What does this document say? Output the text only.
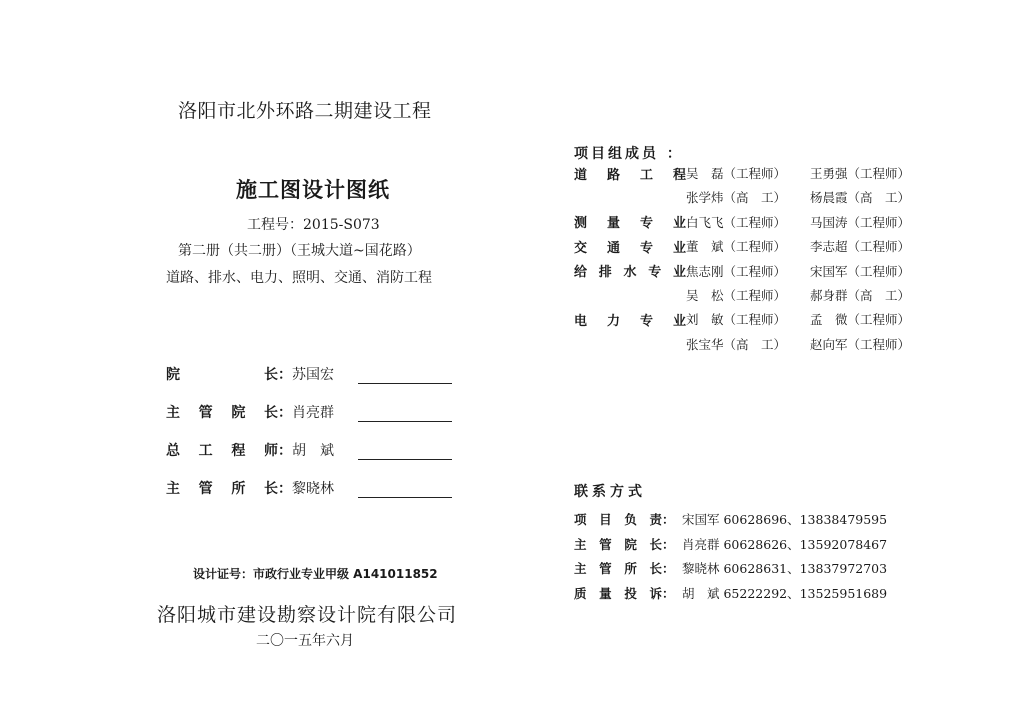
洛阳市北外环路二期建设工程
施工图设计图纸
工程号：2015-S073
第二册（共二册）（王城大道~国花路）
道路、排水、电力、照明、交通、消防工程
院	长 ： 苏国宏
主 管 院 长 ： 肖亮群
总 工 程 师 ： 胡　斌
主 管 所 长 ： 黎晓林
设计证号：市政行业专业甲级 A141011852
洛阳城市建设勘察设计院有限公司
二〇一五年六月
项目组成员 ：
道 路 工 程 吴　磊（工程师）	王勇强（工程师）
张学炜（高　工）	杨晨霞（高　工）
测 量 专 业 白飞飞（工程师）	马国涛（工程师）
交 通 专 业 董　斌（工程师）	李志超（工程师）
给 排 水 专 业 焦志刚（工程师）	宋国军（工程师）
吴　松（工程师）	郝身群（高　工）
电 力 专 业 刘　敏（工程师）	孟　微（工程师）
张宝华（高　工）	赵向军（工程师）
联系方式
项 目 负 责 ： 宋国军 60628696、13838479595
主 管 院 长 ： 肖亮群 60628626、13592078467
主 管 所 长 ： 黎晓林 60628631、13837972703
质 量 投 诉 ： 胡　斌 65222292、13525951689
